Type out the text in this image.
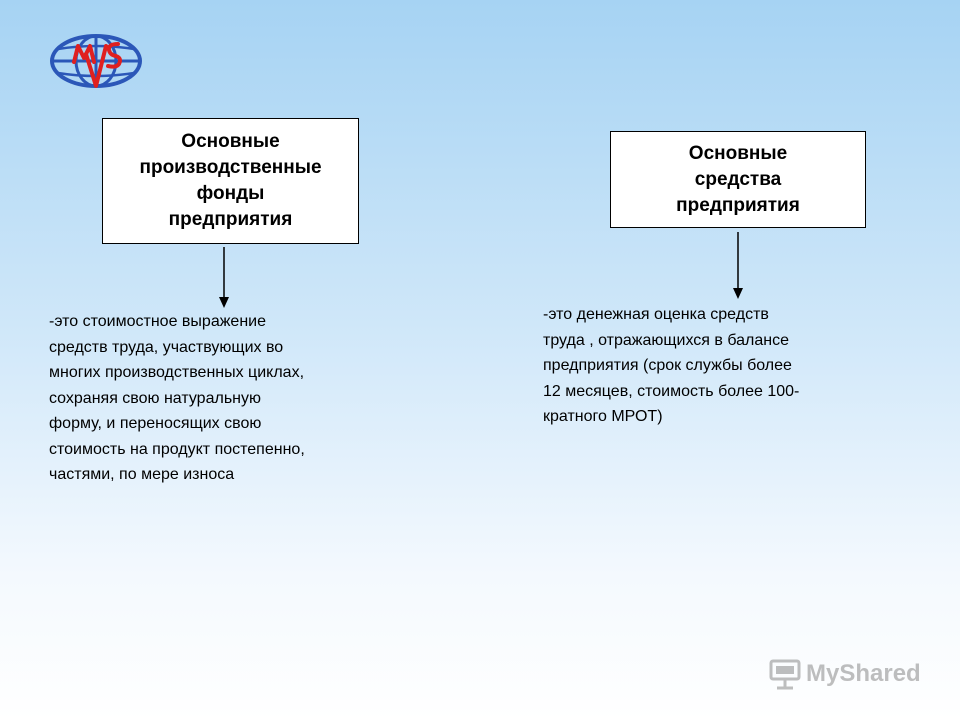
Основные
производственные
фонды
предприятия

-это стоимостное выражение
средств труда, участвующих во
многих производственных циклах,
сохраняя свою натуральную
форму, и переносящих свою
стоимость на продукт постепенно,
частями, по мере износа

Основные
средства
предприятия

-это денежная оценка средств
труда , отражающихся в балансе
предприятия (срок службы более
12 месяцев, стоимость более 100-
кратного МРОТ)

MyShared
